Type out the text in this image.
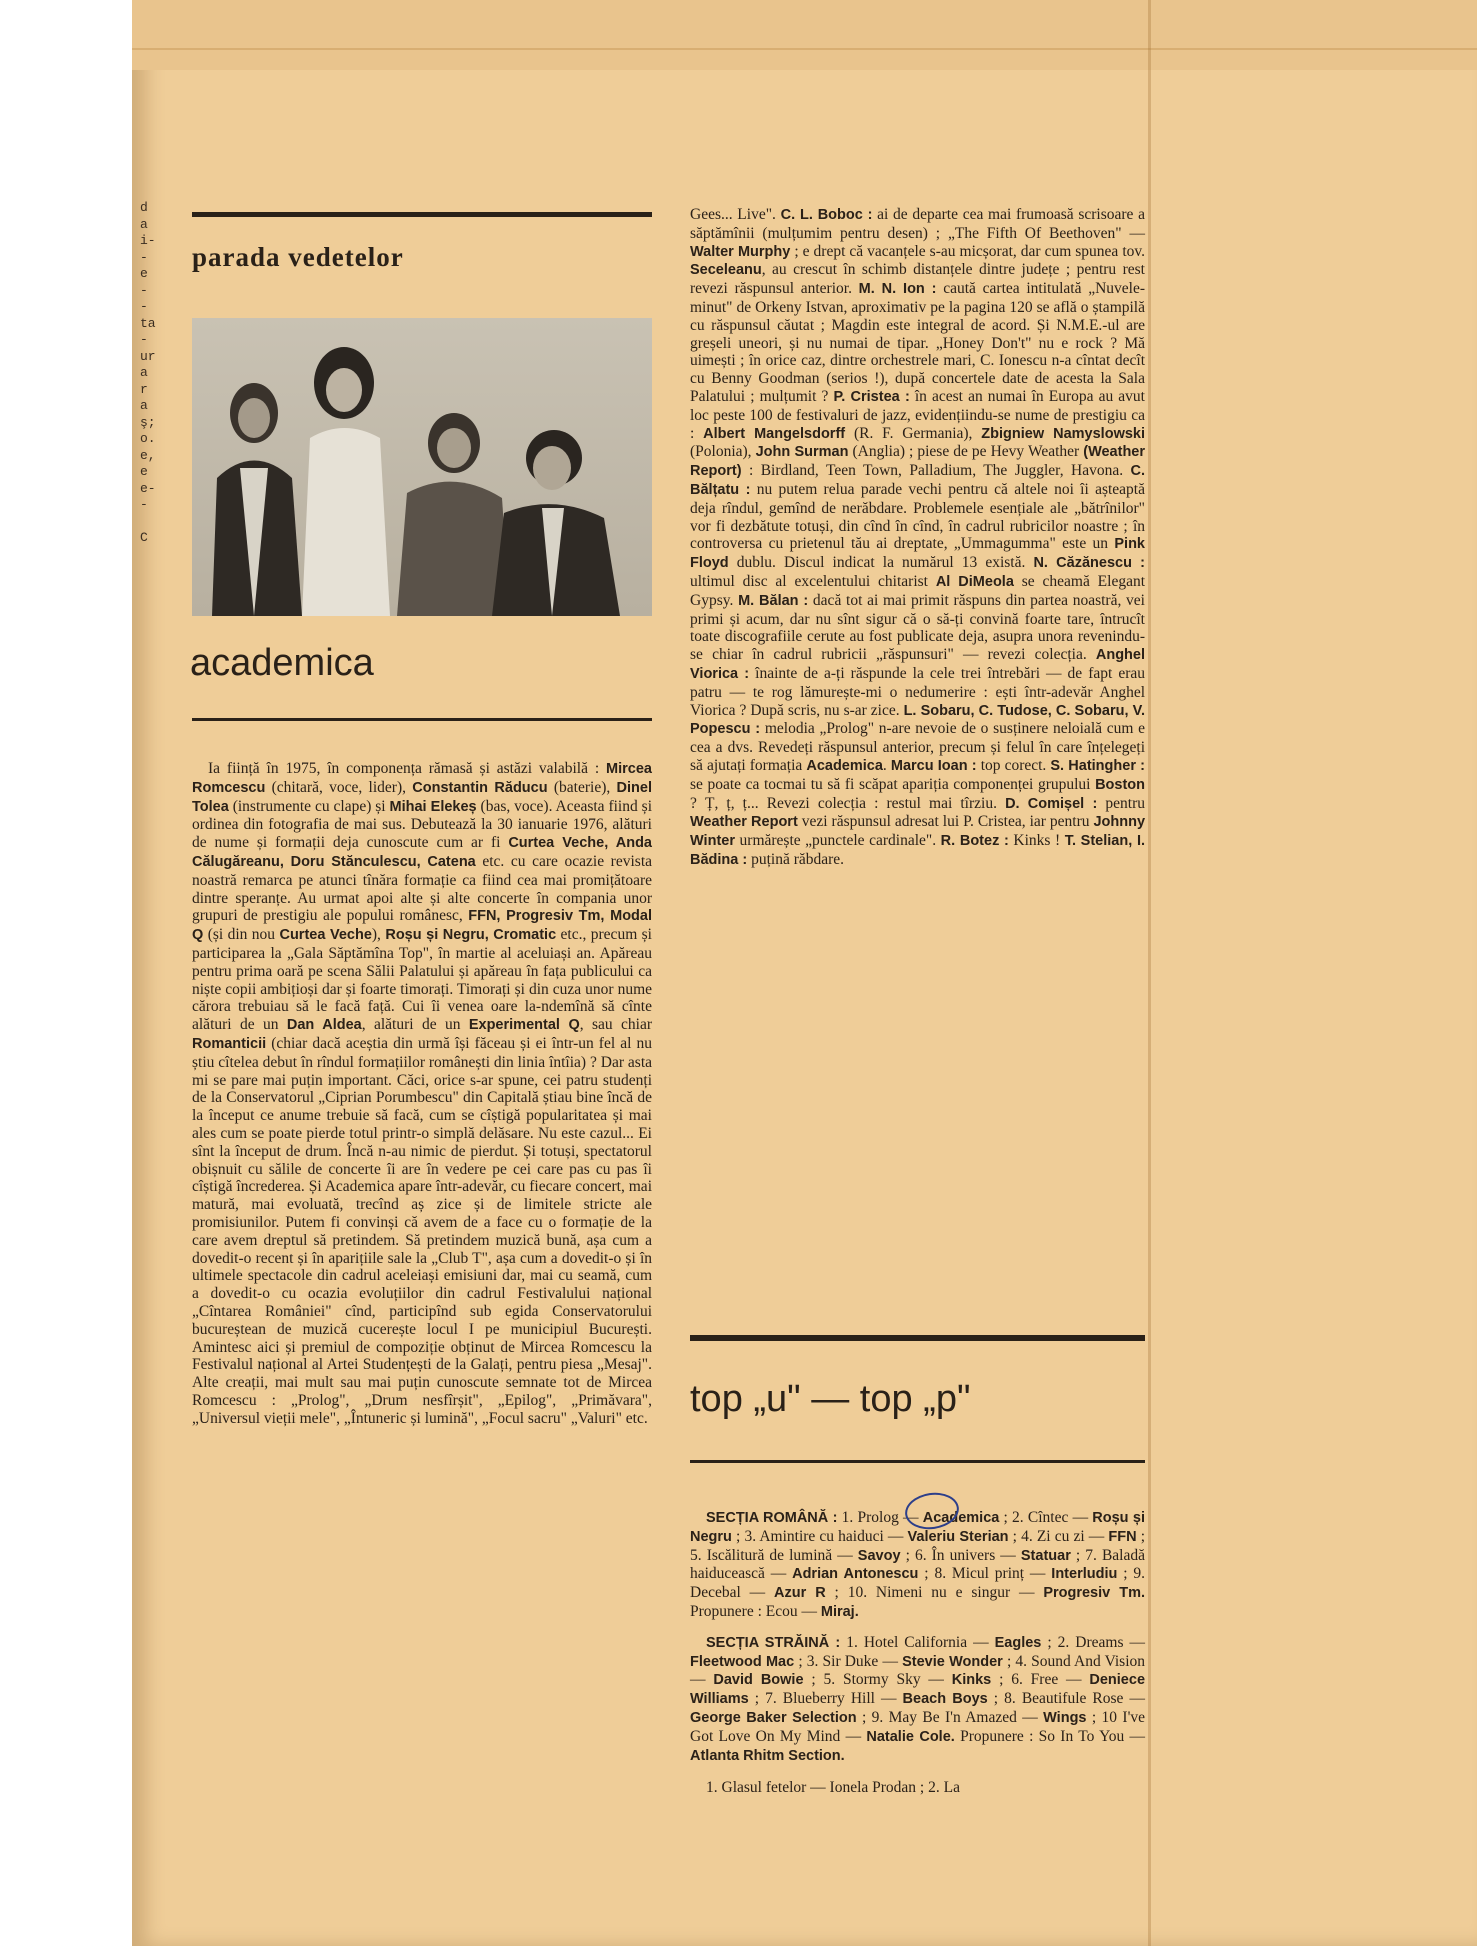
d
a
i-
-
e
-
-
ta
-
ur
a
r
a
ş;
o.
e,
e
e-
-

C

parada vedetelor
academica
Ia ființă în 1975, în componența rămasă și astăzi valabilă : Mircea Romcescu (chitară, voce, lider), Constantin Răducu (baterie), Dinel Tolea (instrumente cu clape) și Mihai Elekeș (bas, voce). Aceasta fiind și ordinea din fotografia de mai sus. Debutează la 30 ianuarie 1976, alături de nume și formații deja cunoscute cum ar fi Curtea Veche, Anda Călugăreanu, Doru Stănculescu, Catena etc. cu care ocazie revista noastră remarca pe atunci tînăra formație ca fiind cea mai promițătoare dintre speranțe. Au urmat apoi alte și alte concerte în compania unor grupuri de prestigiu ale popului românesc, FFN, Progresiv Tm, Modal Q (și din nou Curtea Veche), Roșu și Negru, Cromatic etc., precum și participarea la „Gala Săptămîna Top", în martie al aceluiași an. Apăreau pentru prima oară pe scena Sălii Palatului și apăreau în fața publicului ca niște copii ambițioși dar și foarte timorați. Timorați și din cuza unor nume cărora trebuiau să le facă față. Cui îi venea oare la-ndemînă să cînte alături de un Dan Aldea, alături de un Experimental Q, sau chiar Romanticii (chiar dacă aceștia din urmă își făceau și ei într-un fel al nu știu cîtelea debut în rîndul formațiilor românești din linia întîia) ? Dar asta mi se pare mai puțin important. Căci, orice s-ar spune, cei patru studenți de la Conservatorul „Ciprian Porumbescu" din Capitală știau bine încă de la început ce anume trebuie să facă, cum se cîștigă popularitatea și mai ales cum se poate pierde totul printr-o simplă delăsare. Nu este cazul... Ei sînt la început de drum. Încă n-au nimic de pierdut. Și totuși, spectatorul obișnuit cu sălile de concerte îi are în vedere pe cei care pas cu pas îi cîștigă încrederea. Și Academica apare într-adevăr, cu fiecare concert, mai matură, mai evoluată, trecînd aș zice și de limitele stricte ale promisiunilor. Putem fi convinși că avem de a face cu o formație de la care avem dreptul să pretindem. Să pretindem muzică bună, așa cum a dovedit-o recent și în aparițiile sale la „Club T", așa cum a dovedit-o și în ultimele spectacole din cadrul aceleiași emisiuni dar, mai cu seamă, cum a dovedit-o cu ocazia evoluțiilor din cadrul Festivalului național „Cîntarea României" cînd, participînd sub egida Conservatorului bucureștean de muzică cucerește locul I pe municipiul București. Amintesc aici și premiul de compoziție obținut de Mircea Romcescu la Festivalul național al Artei Studențești de la Galați, pentru piesa „Mesaj". Alte creații, mai mult sau mai puțin cunoscute semnate tot de Mircea Romcescu : „Prolog", „Drum nesfîrșit", „Epilog", „Primăvara", „Universul vieții mele", „Întuneric și lumină", „Focul sacru" „Valuri" etc.
Gees... Live". C. L. Boboc : ai de departe cea mai frumoasă scrisoare a săptămînii (mulțumim pentru desen) ; „The Fifth Of Beethoven" — Walter Murphy ; e drept că vacanțele s-au micșorat, dar cum spunea tov. Seceleanu, au crescut în schimb distanțele dintre județe ; pentru rest revezi răspunsul anterior. M. N. Ion : caută cartea intitulată „Nuvele-minut" de Orkeny Istvan, aproximativ pe la pagina 120 se află o ștampilă cu răspunsul căutat ; Magdin este integral de acord. Și N.M.E.-ul are greșeli uneori, și nu numai de tipar. „Honey Don't" nu e rock ? Mă uimești ; în orice caz, dintre orchestrele mari, C. Ionescu n-a cîntat decît cu Benny Goodman (serios !), după concertele date de acesta la Sala Palatului ; mulțumit ? P. Cristea : în acest an numai în Europa au avut loc peste 100 de festivaluri de jazz, evidențiindu-se nume de prestigiu ca : Albert Mangelsdorff (R. F. Germania), Zbigniew Namyslowski (Polonia), John Surman (Anglia) ; piese de pe Hevy Weather (Weather Report) : Birdland, Teen Town, Palladium, The Juggler, Havona. C. Bălțatu : nu putem relua parade vechi pentru că altele noi îi așteaptă deja rîndul, gemînd de nerăbdare. Problemele esențiale ale „bătrînilor" vor fi dezbătute totuși, din cînd în cînd, în cadrul rubricilor noastre ; în controversa cu prietenul tău ai dreptate, „Ummagumma" este un Pink Floyd dublu. Discul indicat la numărul 13 există. N. Căzănescu : ultimul disc al excelentului chitarist Al DiMeola se cheamă Elegant Gypsy. M. Bălan : dacă tot ai mai primit răspuns din partea noastră, vei primi și acum, dar nu sînt sigur că o să-ți convină foarte tare, întrucît toate discografiile cerute au fost publicate deja, asupra unora revenindu-se chiar în cadrul rubricii „răspunsuri" — revezi colecția. Anghel Viorica : înainte de a-ți răspunde la cele trei întrebări — de fapt erau patru — te rog lămurește-mi o nedumerire : ești într-adevăr Anghel Viorica ? După scris, nu s-ar zice. L. Sobaru, C. Tudose, C. Sobaru, V. Popescu : melodia „Prolog" n-are nevoie de o susținere neloială cum e cea a dvs. Revedeți răspunsul anterior, precum și felul în care înțelegeți să ajutați formația Academica. Marcu Ioan : top corect. S. Hatingher : se poate ca tocmai tu să fi scăpat apariția componenței grupului Boston ? Ț, ț, ț... Revezi colecția : restul mai tîrziu. D. Comișel : pentru Weather Report vezi răspunsul adresat lui P. Cristea, iar pentru Johnny Winter urmărește „punctele cardinale". R. Botez : Kinks ! T. Stelian, I. Bădina : puțină răbdare.
top „u" — top „p"
SECȚIA ROMÂNĂ : 1. Prolog — Academica ; 2. Cîntec — Roșu și Negru ; 3. Amintire cu haiduci — Valeriu Sterian ; 4. Zi cu zi — FFN ; 5. Iscălitură de lumină — Savoy ; 6. În univers — Statuar ; 7. Baladă haiducească — Adrian Antonescu ; 8. Micul prinț — Interludiu ; 9. Decebal — Azur R ; 10. Nimeni nu e singur — Progresiv Tm. Propunere : Ecou — Miraj.
SECȚIA STRĂINĂ : 1. Hotel California — Eagles ; 2. Dreams — Fleetwood Mac ; 3. Sir Duke — Stevie Wonder ; 4. Sound And Vision — David Bowie ; 5. Stormy Sky — Kinks ; 6. Free — Deniece Williams ; 7. Blueberry Hill — Beach Boys ; 8. Beautifule Rose — George Baker Selection ; 9. May Be I'n Amazed — Wings ; 10 I've Got Love On My Mind — Natalie Cole. Propunere : So In To You — Atlanta Rhitm Section.
1. Glasul fetelor — Ionela Prodan ; 2. La
